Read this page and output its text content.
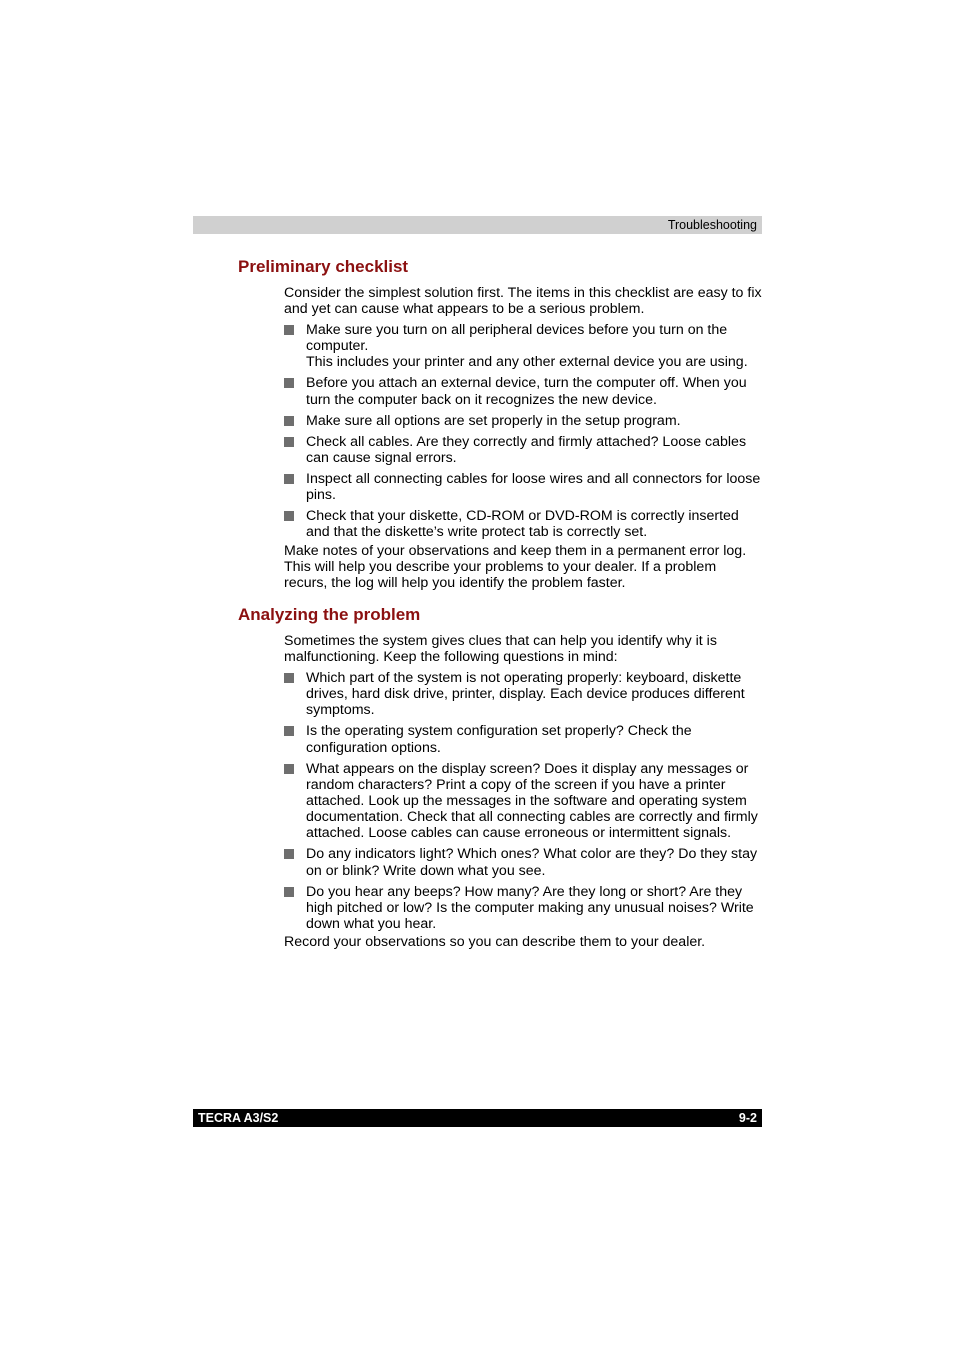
Troubleshooting
Preliminary checklist

Consider the simplest solution first. The items in this checklist are easy to fix and yet can cause what appears to be a serious problem.

Make sure you turn on all peripheral devices before you turn on the computer.
This includes your printer and any other external device you are using.
Before you attach an external device, turn the computer off. When you turn the computer back on it recognizes the new device.
Make sure all options are set properly in the setup program.
Check all cables. Are they correctly and firmly attached? Loose cables can cause signal errors.
Inspect all connecting cables for loose wires and all connectors for loose pins.
Check that your diskette, CD-ROM or DVD-ROM is correctly inserted and that the diskette’s write protect tab is correctly set.

Make notes of your observations and keep them in a permanent error log. This will help you describe your problems to your dealer. If a problem recurs, the log will help you identify the problem faster.

Analyzing the problem

Sometimes the system gives clues that can help you identify why it is malfunctioning. Keep the following questions in mind:

Which part of the system is not operating properly: keyboard, diskette drives, hard disk drive, printer, display. Each device produces different symptoms.
Is the operating system configuration set properly? Check the configuration options.
What appears on the display screen? Does it display any messages or random characters? Print a copy of the screen if you have a printer attached. Look up the messages in the software and operating system documentation. Check that all connecting cables are correctly and firmly attached. Loose cables can cause erroneous or intermittent signals.
Do any indicators light? Which ones? What color are they? Do they stay on or blink? Write down what you see.
Do you hear any beeps? How many? Are they long or short? Are they high pitched or low? Is the computer making any unusual noises? Write down what you hear.

Record your observations so you can describe them to your dealer.

TECRA A3/S2	9-2
